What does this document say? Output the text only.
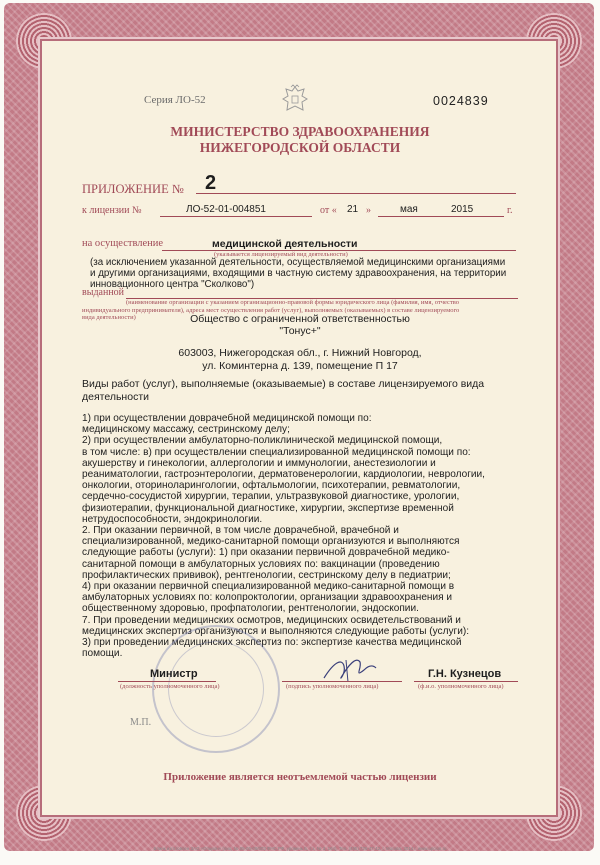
Серия ЛО-52	0024839
МИНИСТЕРСТВО ЗДРАВООХРАНЕНИЯ
НИЖЕГОРОДСКОЙ ОБЛАСТИ
ПРИЛОЖЕНИЕ № 2
к лицензии №	ЛО-52-01-004851	от « 21 »	мая	2015	г.
на осуществление	медицинской деятельности
(указывается лицензируемый вид деятельности)
(за исключением указанной деятельности, осуществляемой медицинскими организациями
и другими организациями, входящими в частную систему здравоохранения, на территории
инновационного центра "Сколково")
выданной
(наименование организации с указанием организационно-правовой формы юридического лица (фамилия, имя, отчество
индивидуального предпринимателя), адреса мест осуществления работ (услуг), выполняемых (оказываемых) в составе лицензируемого
вида деятельности)	Общество с ограниченной ответственностью
"Тонус+"
603003, Нижегородская обл., г. Нижний Новгород,
ул. Коминтерна д. 139, помещение П 17
Виды работ (услуг), выполняемые (оказываемые) в составе лицензируемого вида
деятельности
1) при осуществлении доврачебной медицинской помощи по:
медицинскому массажу, сестринскому делу;
2) при осуществлении амбулаторно-поликлинической медицинской помощи,
в том числе: в) при осуществлении специализированной медицинской помощи по:
акушерству и гинекологии, аллергологии и иммунологии, анестезиологии и
реаниматологии, гастроэнтерологии, дерматовенерологии, кардиологии, неврологии,
онкологии, оториноларингологии, офтальмологии, психотерапии, ревматологии,
сердечно-сосудистой хирургии, терапии, ультразвуковой диагностике, урологии,
физиотерапии, функциональной диагностике, хирургии, экспертизе временной
нетрудоспособности, эндокринологии.
2. При оказании первичной, в том числе доврачебной, врачебной и
специализированной, медико-санитарной помощи организуются и выполняются
следующие работы (услуги): 1) при оказании первичной доврачебной медико-
санитарной помощи в амбулаторных условиях по: вакцинации (проведению
профилактических прививок), рентгенологии, сестринскому делу в педиатрии;
4) при оказании первичной специализированной медико-санитарной помощи в
амбулаторных условиях по: колопроктологии, организации здравоохранения и
общественному здоровью, профпатологии, рентгенологии, эндоскопии.
7. При проведении медицинских осмотров, медицинских освидетельствований и
медицинских экспертиз организуются и выполняются следующие работы (услуги):
3) при проведении медицинских экспертиз по: экспертизе качества медицинской
помощи.
Министр
(должность уполномоченного лица)	(подпись уполномоченного лица)
Г.Н. Кузнецов
(ф.и.о. уполномоченного лица)
М.П.
Приложение является неотъемлемой частью лицензии
Бланк изготовлен ЗАО «Опцион» (лиц. № 05-05-09/003 ФНС РФ, уровень Б, т.з. № 3, 164). Тел. (495) 726-47-42, г. Москва, 2014 г. www.opcion.ru
